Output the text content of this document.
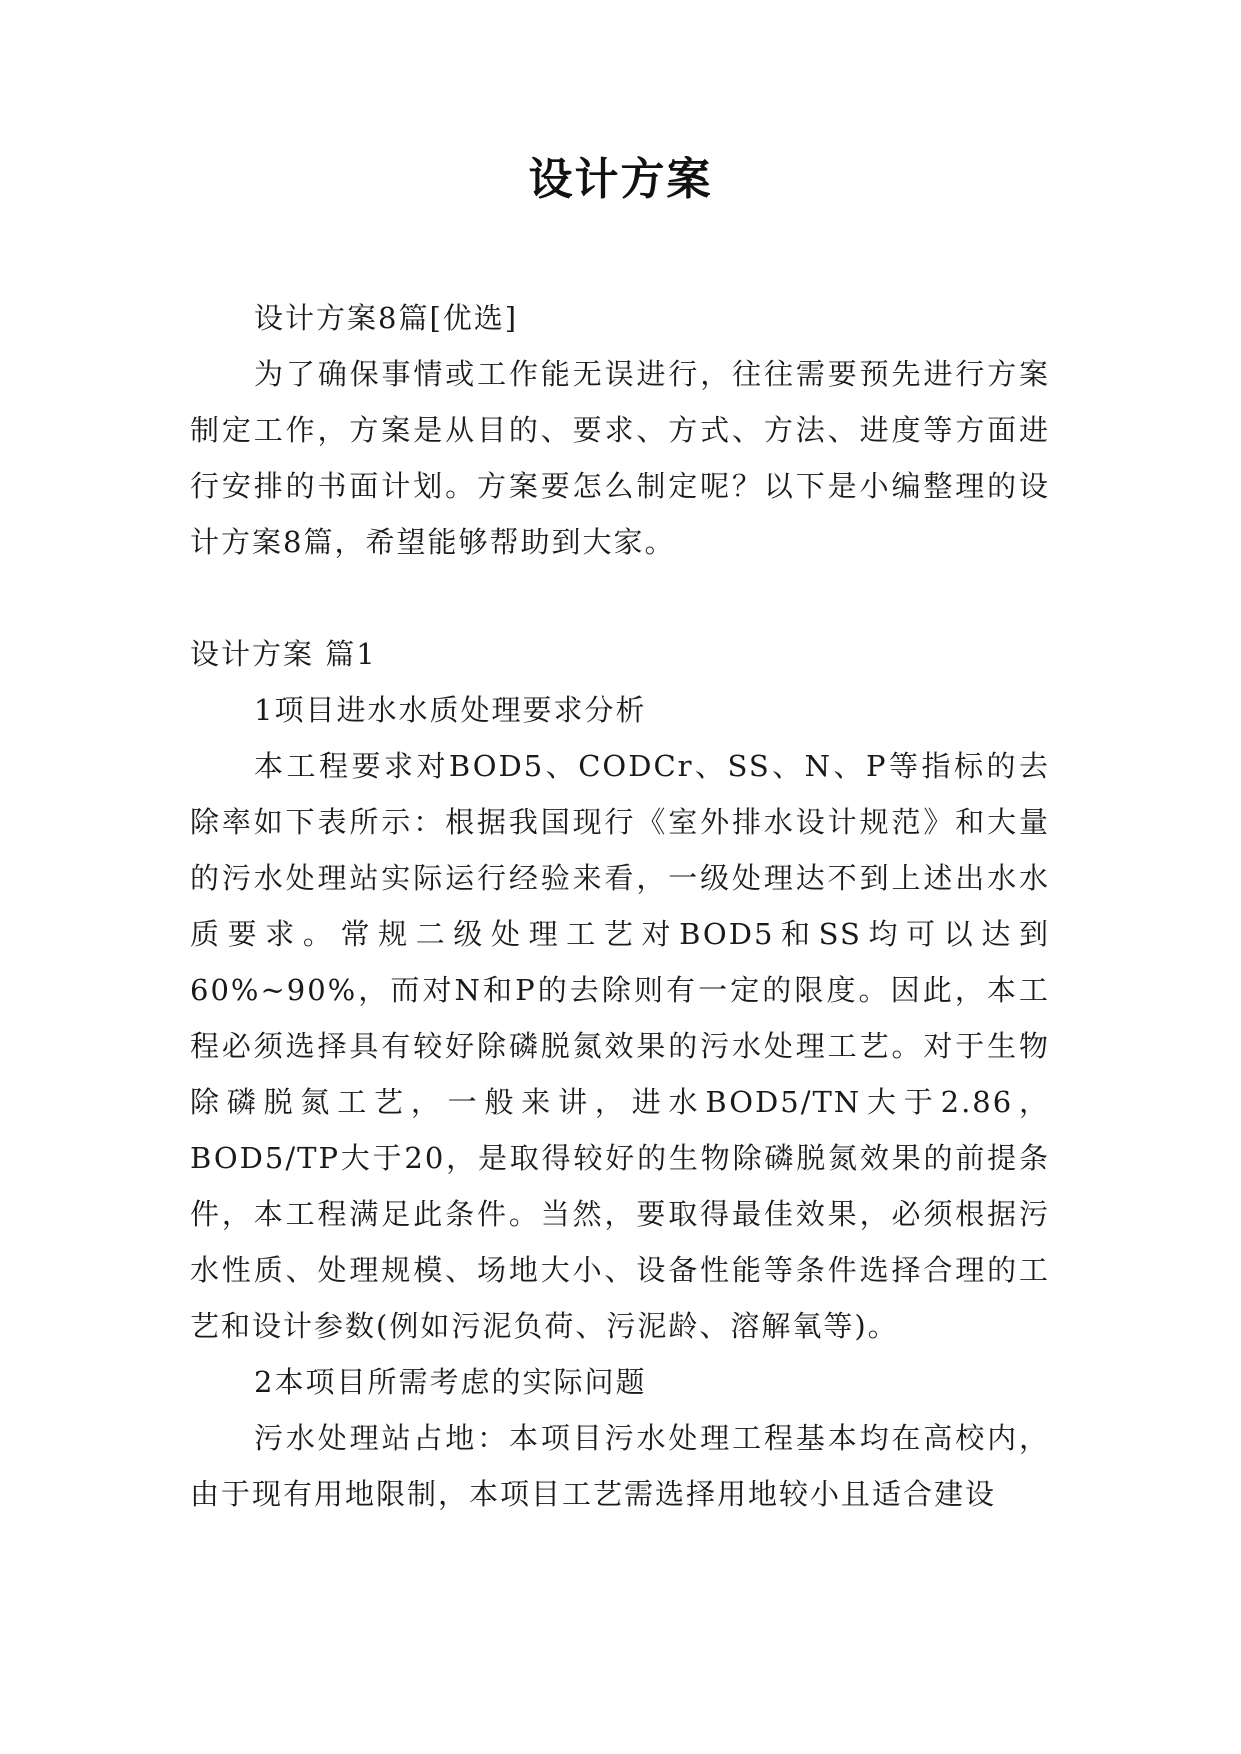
设计方案

设计方案8篇[优选]

为了确保事情或工作能无误进行，往往需要预先进行方案制定工作，方案是从目的、要求、方式、方法、进度等方面进行安排的书面计划。方案要怎么制定呢？以下是小编整理的设计方案8篇，希望能够帮助到大家。

设计方案 篇1

1项目进水水质处理要求分析

本工程要求对BOD5、CODCr、SS、N、P等指标的去除率如下表所示：根据我国现行《室外排水设计规范》和大量的污水处理站实际运行经验来看，一级处理达不到上述出水水质要求。常规二级处理工艺对BOD5和SS均可以达到60%~90%，而对N和P的去除则有一定的限度。因此，本工程必须选择具有较好除磷脱氮效果的污水处理工艺。对于生物除磷脱氮工艺，一般来讲，进水BOD5/TN大于2.86，BOD5/TP大于20，是取得较好的生物除磷脱氮效果的前提条件，本工程满足此条件。当然，要取得最佳效果，必须根据污水性质、处理规模、场地大小、设备性能等条件选择合理的工艺和设计参数(例如污泥负荷、污泥龄、溶解氧等)。

2本项目所需考虑的实际问题

污水处理站占地：本项目污水处理工程基本均在高校内，由于现有用地限制，本项目工艺需选择用地较小且适合建设
